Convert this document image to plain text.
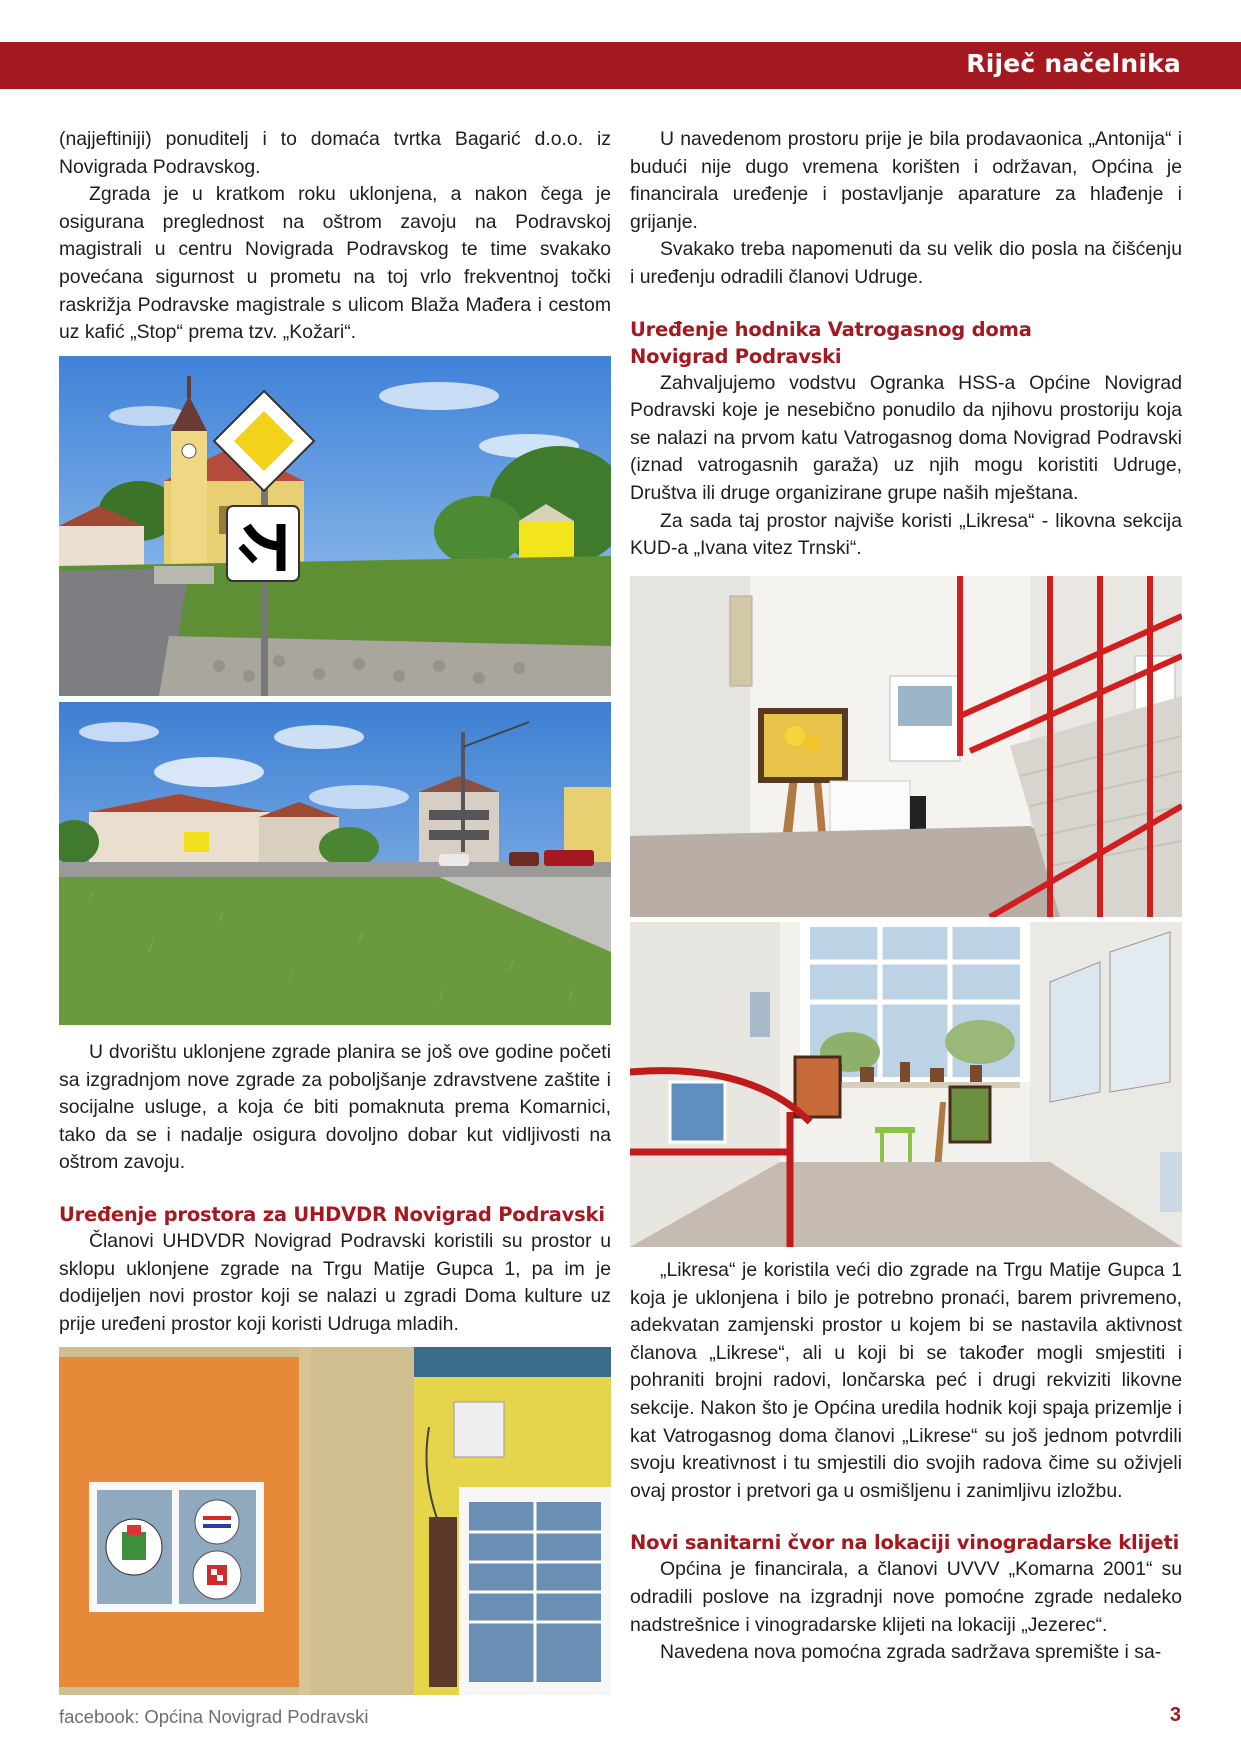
Riječ načelnika

(najjeftiniji) ponuditelj i to domaća tvrtka Bagarić d.o.o. iz Novigrada Podravskog.

Zgrada je u kratkom roku uklonjena, a nakon čega je osigurana preglednost na oštrom zavoju na Podravskoj magistrali u centru Novigrada Podravskog te time svakako povećana sigurnost u prometu na toj vrlo frekventnoj točki raskrižja Podravske magistrale s ulicom Blaža Mađera i cestom uz kafić „Stop“ prema tzv. „Kožari“.

U dvorištu uklonjene zgrade planira se još ove godine početi sa izgradnjom nove zgrade za poboljšanje zdravstvene zaštite i socijalne usluge, a koja će biti pomaknuta prema Komarnici, tako da se i nadalje osigura dovoljno dobar kut vidljivosti na oštrom zavoju.

Uređenje prostora za UHDVDR Novigrad Podravski

Članovi UHDVDR Novigrad Podravski koristili su prostor u sklopu uklonjene zgrade na Trgu Matije Gupca 1, pa im je dodijeljen novi prostor koji se nalazi u zgradi Doma kulture uz prije uređeni prostor koji koristi Udruga mladih.

U navedenom prostoru prije je bila prodavaonica „Antonija“ i budući nije dugo vremena korišten i održavan, Općina je financirala uređenje i postavljanje aparature za hlađenje i grijanje.

Svakako treba napomenuti da su velik dio posla na čišćenju i uređenju odradili članovi Udruge.

Uređenje hodnika Vatrogasnog doma
Novigrad Podravski

Zahvaljujemo vodstvu Ogranka HSS-a Općine Novigrad Podravski koje je nesebično ponudilo da njihovu prostoriju koja se nalazi na prvom katu Vatrogasnog doma Novigrad Podravski (iznad vatrogasnih garaža) uz njih mogu koristiti Udruge, Društva ili druge organizirane grupe naših mještana.

Za sada taj prostor najviše koristi „Likresa“ - likovna sekcija KUD-a „Ivana vitez Trnski“.

„Likresa“ je koristila veći dio zgrade na Trgu Matije Gupca 1 koja je uklonjena i bilo je potrebno pronaći, barem privremeno, adekvatan zamjenski prostor u kojem bi se nastavila aktivnost članova „Likrese“, ali u koji bi se također mogli smjestiti i pohraniti brojni radovi, lončarska peć i drugi rekviziti likovne sekcije. Nakon što je Općina uredila hodnik koji spaja prizemlje i kat Vatrogasnog doma članovi „Likrese“ su još jednom potvrdili svoju kreativnost i tu smjestili dio svojih radova čime su oživjeli ovaj prostor i pretvori ga u osmišljenu i zanimljivu izložbu.

Novi sanitarni čvor na lokaciji vinogradarske klijeti

Općina je financirala, a članovi UVVV „Komarna 2001“ su odradili poslove na izgradnji nove pomoćne zgrade nedaleko nadstrešnice i vinogradarske klijeti na lokaciji „Jezerec“.

Navedena nova pomoćna zgrada sadržava spremište i sa-

facebook: Općina Novigrad Podravski	3
